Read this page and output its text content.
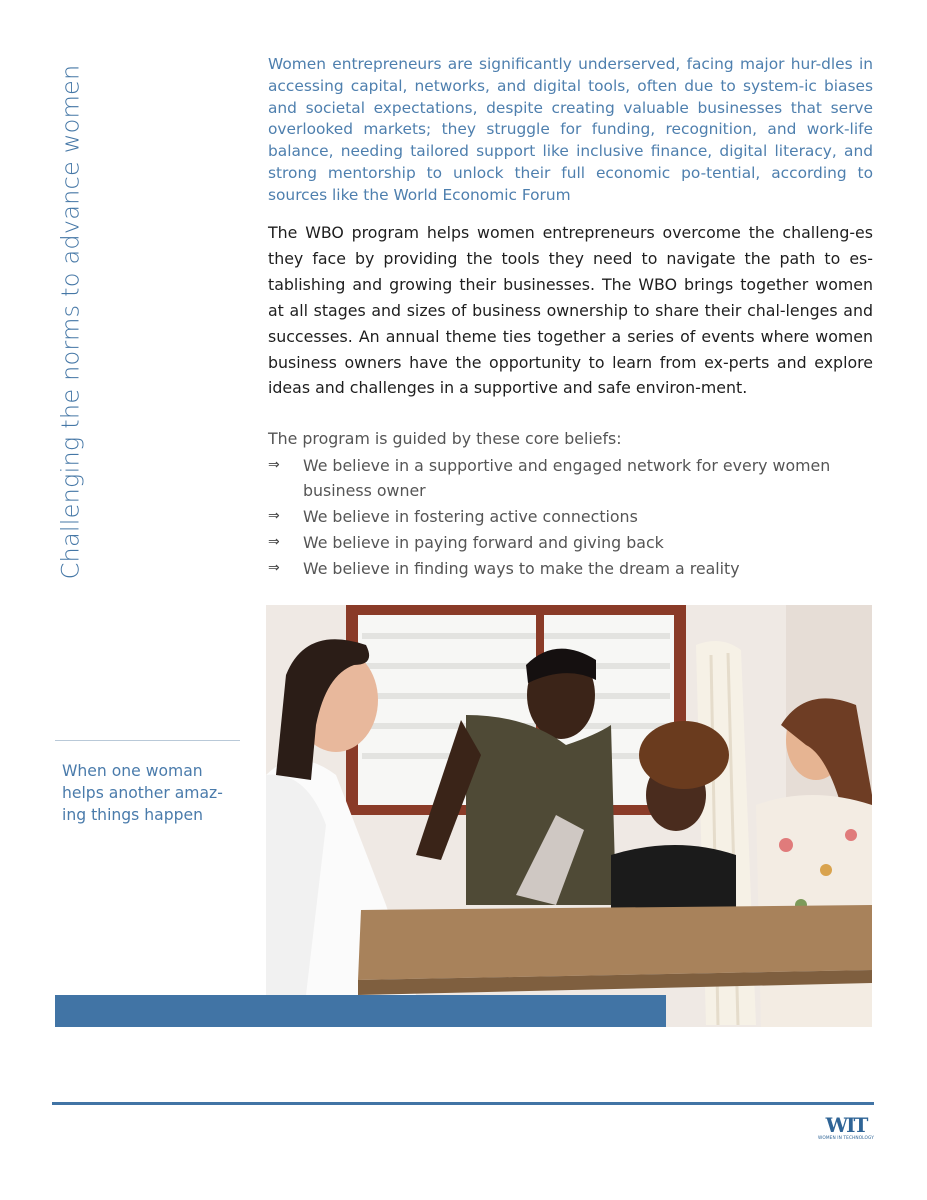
Challenging the norms to advance women
Women entrepreneurs are significantly underserved, facing major hur-dles in accessing capital, networks, and digital tools, often due to system-ic biases and societal expectations, despite creating valuable businesses that serve overlooked markets; they struggle for funding, recognition, and work-life balance, needing tailored support like inclusive finance, digital literacy, and strong mentorship to unlock their full economic po-tential, according to sources like the World Economic Forum
The WBO program helps women entrepreneurs overcome the challeng-es they face by providing the tools they need to navigate the path to es-tablishing and growing their businesses. The WBO brings together women at all stages and sizes of business ownership to share their chal-lenges and successes. An annual theme ties together a series of events where women business owners have the opportunity to learn from ex-perts and explore ideas and challenges in a supportive and safe environ-ment.
The program is guided by these core beliefs:
⇒ We believe in a supportive and engaged network for every women business owner
⇒ We believe in fostering active connections
⇒ We believe in paying forward and giving back
⇒ We believe in finding ways to make the dream a reality
When one woman helps another amaz-ing things happen
WIT
WOMEN IN TECHNOLOGY
